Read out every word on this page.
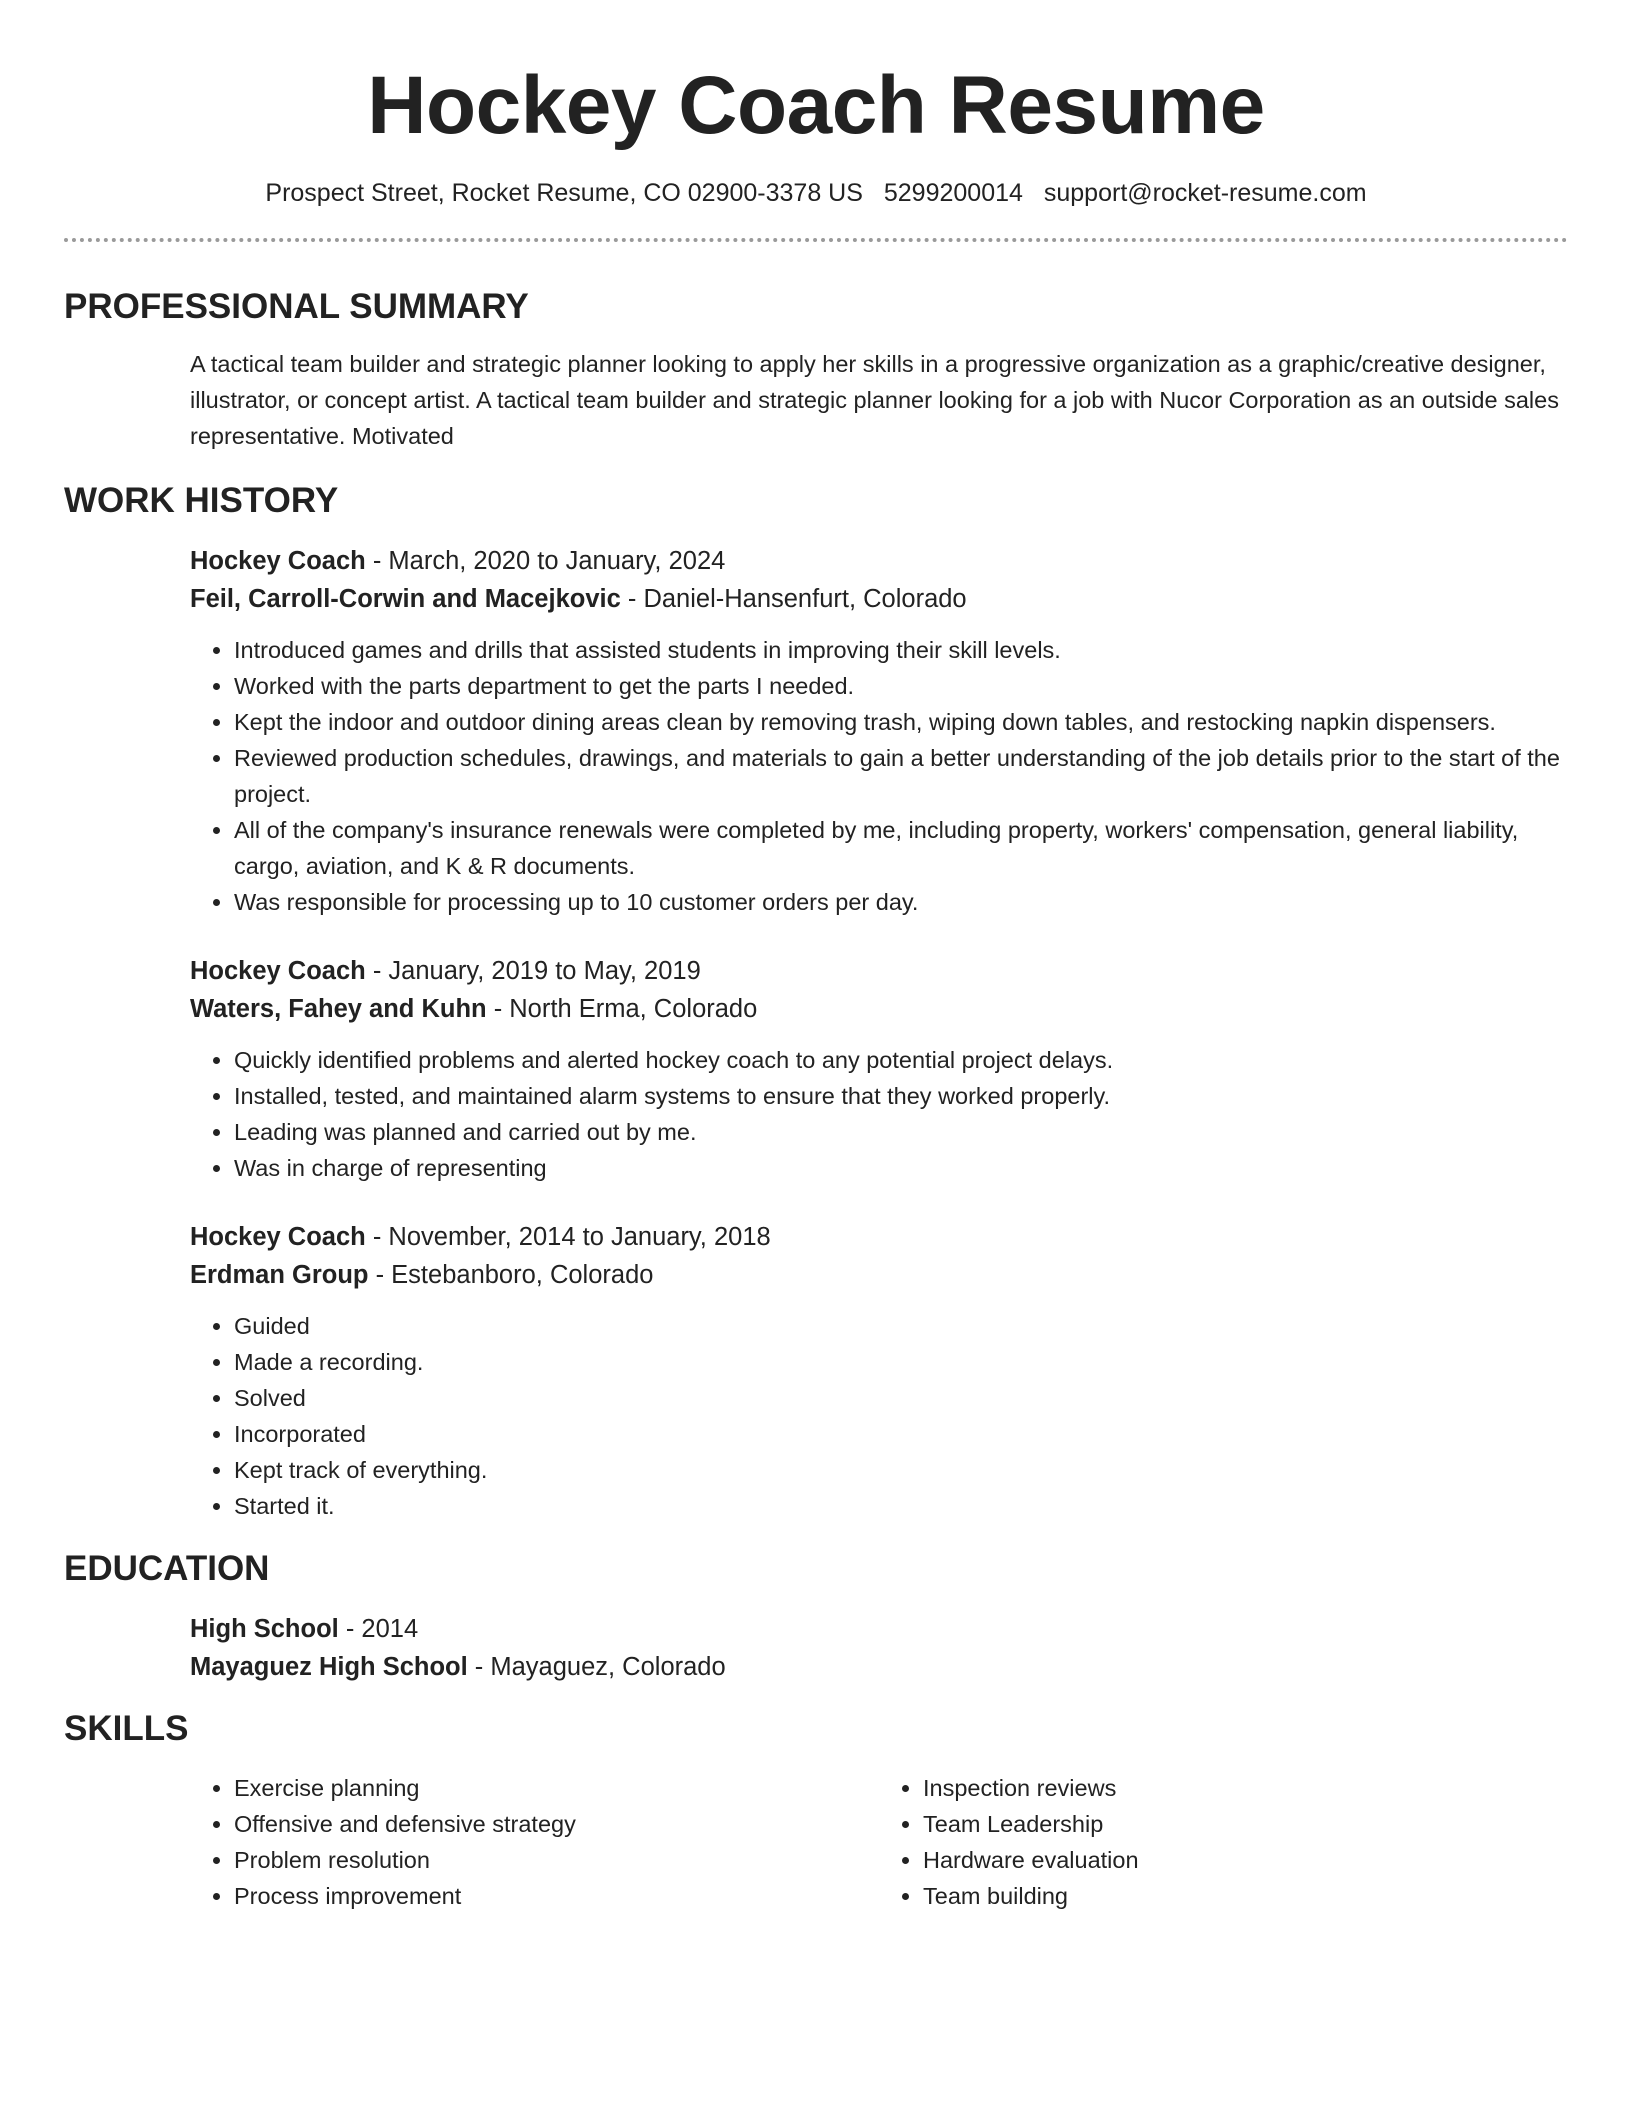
Hockey Coach Resume
Prospect Street, Rocket Resume, CO 02900-3378 US 5299200014 support@rocket-resume.com
PROFESSIONAL SUMMARY

A tactical team builder and strategic planner looking to apply her skills in a progressive organization as a graphic/creative designer, illustrator, or concept artist. A tactical team builder and strategic planner looking for a job with Nucor Corporation as an outside sales representative. Motivated

WORK HISTORY

Hockey Coach - March, 2020 to January, 2024

Feil, Carroll-Corwin and Macejkovic - Daniel-Hansenfurt, Colorado

• Introduced games and drills that assisted students in improving their skill levels.
• Worked with the parts department to get the parts I needed.
• Kept the indoor and outdoor dining areas clean by removing trash, wiping down tables, and restocking napkin dispensers.
• Reviewed production schedules, drawings, and materials to gain a better understanding of the job details prior to the start of the project.
• All of the company's insurance renewals were completed by me, including property, workers' compensation, general liability, cargo, aviation, and K & R documents.
• Was responsible for processing up to 10 customer orders per day.

Hockey Coach - January, 2019 to May, 2019

Waters, Fahey and Kuhn - North Erma, Colorado

• Quickly identified problems and alerted hockey coach to any potential project delays.
• Installed, tested, and maintained alarm systems to ensure that they worked properly.
• Leading was planned and carried out by me.
• Was in charge of representing

Hockey Coach - November, 2014 to January, 2018

Erdman Group - Estebanboro, Colorado

• Guided
• Made a recording.
• Solved
• Incorporated
• Kept track of everything.
• Started it.
EDUCATION

High School - 2014

Mayaguez High School - Mayaguez, Colorado

SKILLS
• Exercise planning
• Offensive and defensive strategy
• Problem resolution
• Process improvement
• Inspection reviews
• Team Leadership
• Hardware evaluation
• Team building
